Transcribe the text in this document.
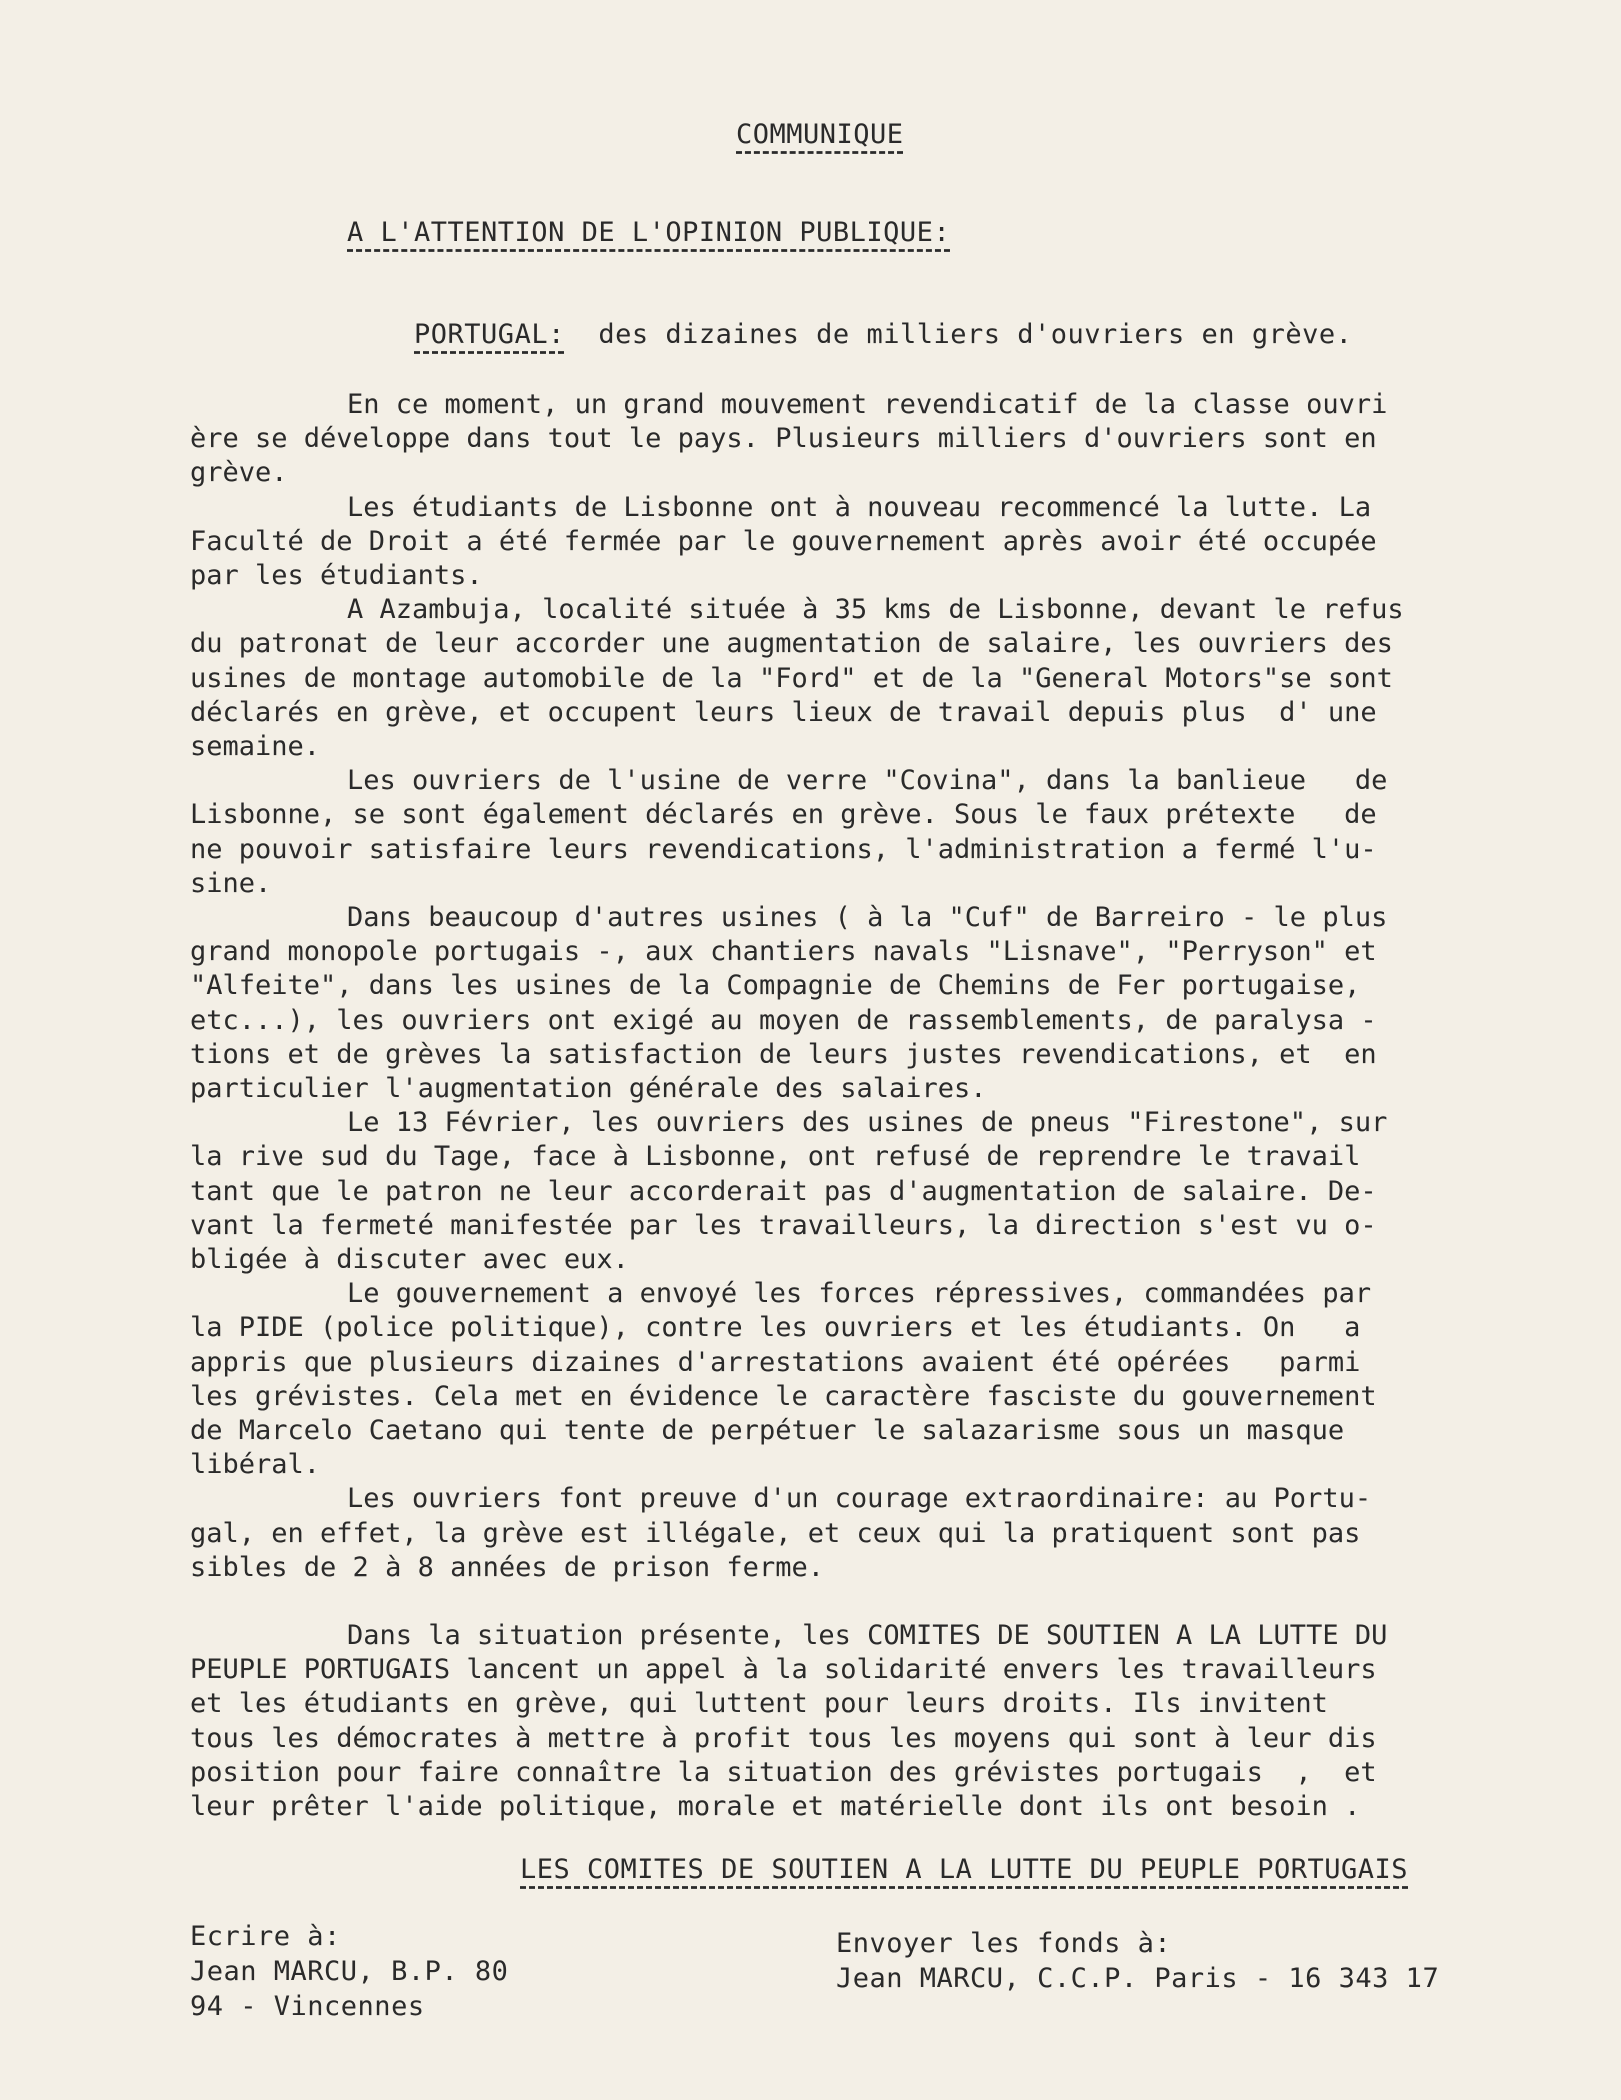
COMMUNIQUE
A L'ATTENTION DE L'OPINION PUBLIQUE:

PORTUGAL: des dizaines de milliers d'ouvriers en grève.

En ce moment, un grand mouvement revendicatif de la classe ouvri
ère se développe dans tout le pays. Plusieurs milliers d'ouvriers sont en
grève.
Les étudiants de Lisbonne ont à nouveau recommencé la lutte. La
Faculté de Droit a été fermée par le gouvernement après avoir été occupée
par les étudiants.
A Azambuja, localité située à 35 kms de Lisbonne, devant le refus
du patronat de leur accorder une augmentation de salaire, les ouvriers des
usines de montage automobile de la "Ford" et de la "General Motors"se sont
déclarés en grève, et occupent leurs lieux de travail depuis plus  d' une
semaine.
Les ouvriers de l'usine de verre "Covina", dans la banlieue   de
Lisbonne, se sont également déclarés en grève. Sous le faux prétexte   de
ne pouvoir satisfaire leurs revendications, l'administration a fermé l'u-
sine.
Dans beaucoup d'autres usines ( à la "Cuf" de Barreiro - le plus
grand monopole portugais -, aux chantiers navals "Lisnave", "Perryson" et
"Alfeite", dans les usines de la Compagnie de Chemins de Fer portugaise,
etc...), les ouvriers ont exigé au moyen de rassemblements, de paralysa -
tions et de grèves la satisfaction de leurs justes revendications, et  en
particulier l'augmentation générale des salaires.
Le 13 Février, les ouvriers des usines de pneus "Firestone", sur
la rive sud du Tage, face à Lisbonne, ont refusé de reprendre le travail
tant que le patron ne leur accorderait pas d'augmentation de salaire. De-
vant la fermeté manifestée par les travailleurs, la direction s'est vu o-
bligée à discuter avec eux.
Le gouvernement a envoyé les forces répressives, commandées par
la PIDE (police politique), contre les ouvriers et les étudiants. On   a
appris que plusieurs dizaines d'arrestations avaient été opérées   parmi
les grévistes. Cela met en évidence le caractère fasciste du gouvernement
de Marcelo Caetano qui tente de perpétuer le salazarisme sous un masque
libéral.
Les ouvriers font preuve d'un courage extraordinaire: au Portu-
gal, en effet, la grève est illégale, et ceux qui la pratiquent sont pas
sibles de 2 à 8 années de prison ferme.
Dans la situation présente, les COMITES DE SOUTIEN A LA LUTTE DU
PEUPLE PORTUGAIS lancent un appel à la solidarité envers les travailleurs
et les étudiants en grève, qui luttent pour leurs droits. Ils invitent
tous les démocrates à mettre à profit tous les moyens qui sont à leur dis
position pour faire connaître la situation des grévistes portugais  ,  et
leur prêter l'aide politique, morale et matérielle dont ils ont besoin .
LES COMITES DE SOUTIEN A LA LUTTE DU PEUPLE PORTUGAIS
Ecrire à:
Jean MARCU, B.P. 80
94 - Vincennes
Envoyer les fonds à:
Jean MARCU, C.C.P. Paris - 16 343 17
